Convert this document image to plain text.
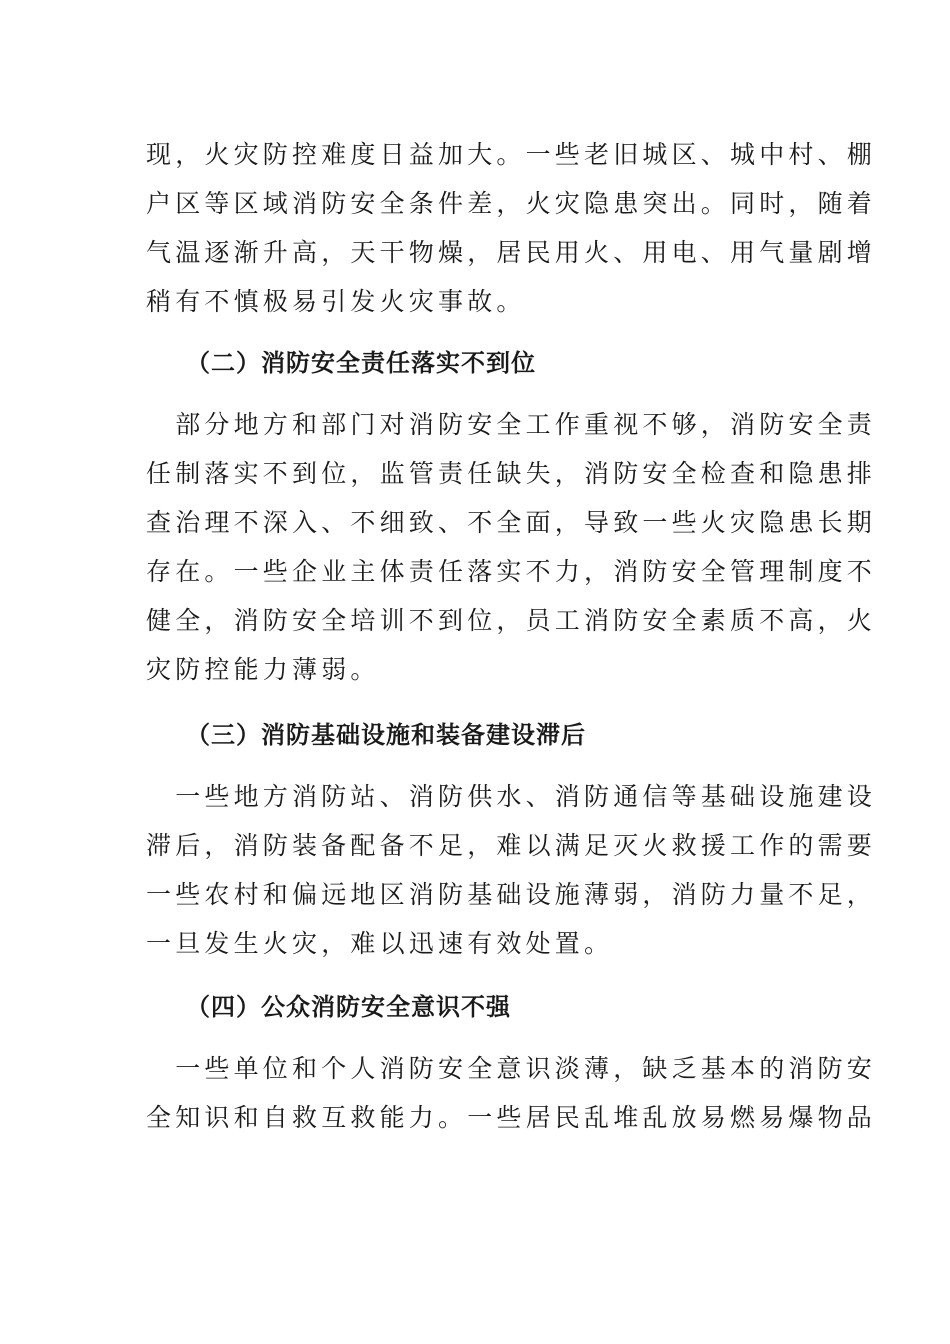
现，火灾防控难度日益加大。一些老旧城区、城中村、棚
户区等区域消防安全条件差，火灾隐患突出。同时，随着
气温逐渐升高，天干物燥，居民用火、用电、用气量剧增
稍有不慎极易引发火灾事故。
（二）消防安全责任落实不到位
　部分地方和部门对消防安全工作重视不够，消防安全责
任制落实不到位，监管责任缺失，消防安全检查和隐患排
查治理不深入、不细致、不全面，导致一些火灾隐患长期
存在。一些企业主体责任落实不力，消防安全管理制度不
健全，消防安全培训不到位，员工消防安全素质不高，火
灾防控能力薄弱。
（三）消防基础设施和装备建设滞后
　一些地方消防站、消防供水、消防通信等基础设施建设
滞后，消防装备配备不足，难以满足灭火救援工作的需要
一些农村和偏远地区消防基础设施薄弱，消防力量不足，
一旦发生火灾，难以迅速有效处置。
（四）公众消防安全意识不强
　一些单位和个人消防安全意识淡薄，缺乏基本的消防安
全知识和自救互救能力。一些居民乱堆乱放易燃易爆物品
